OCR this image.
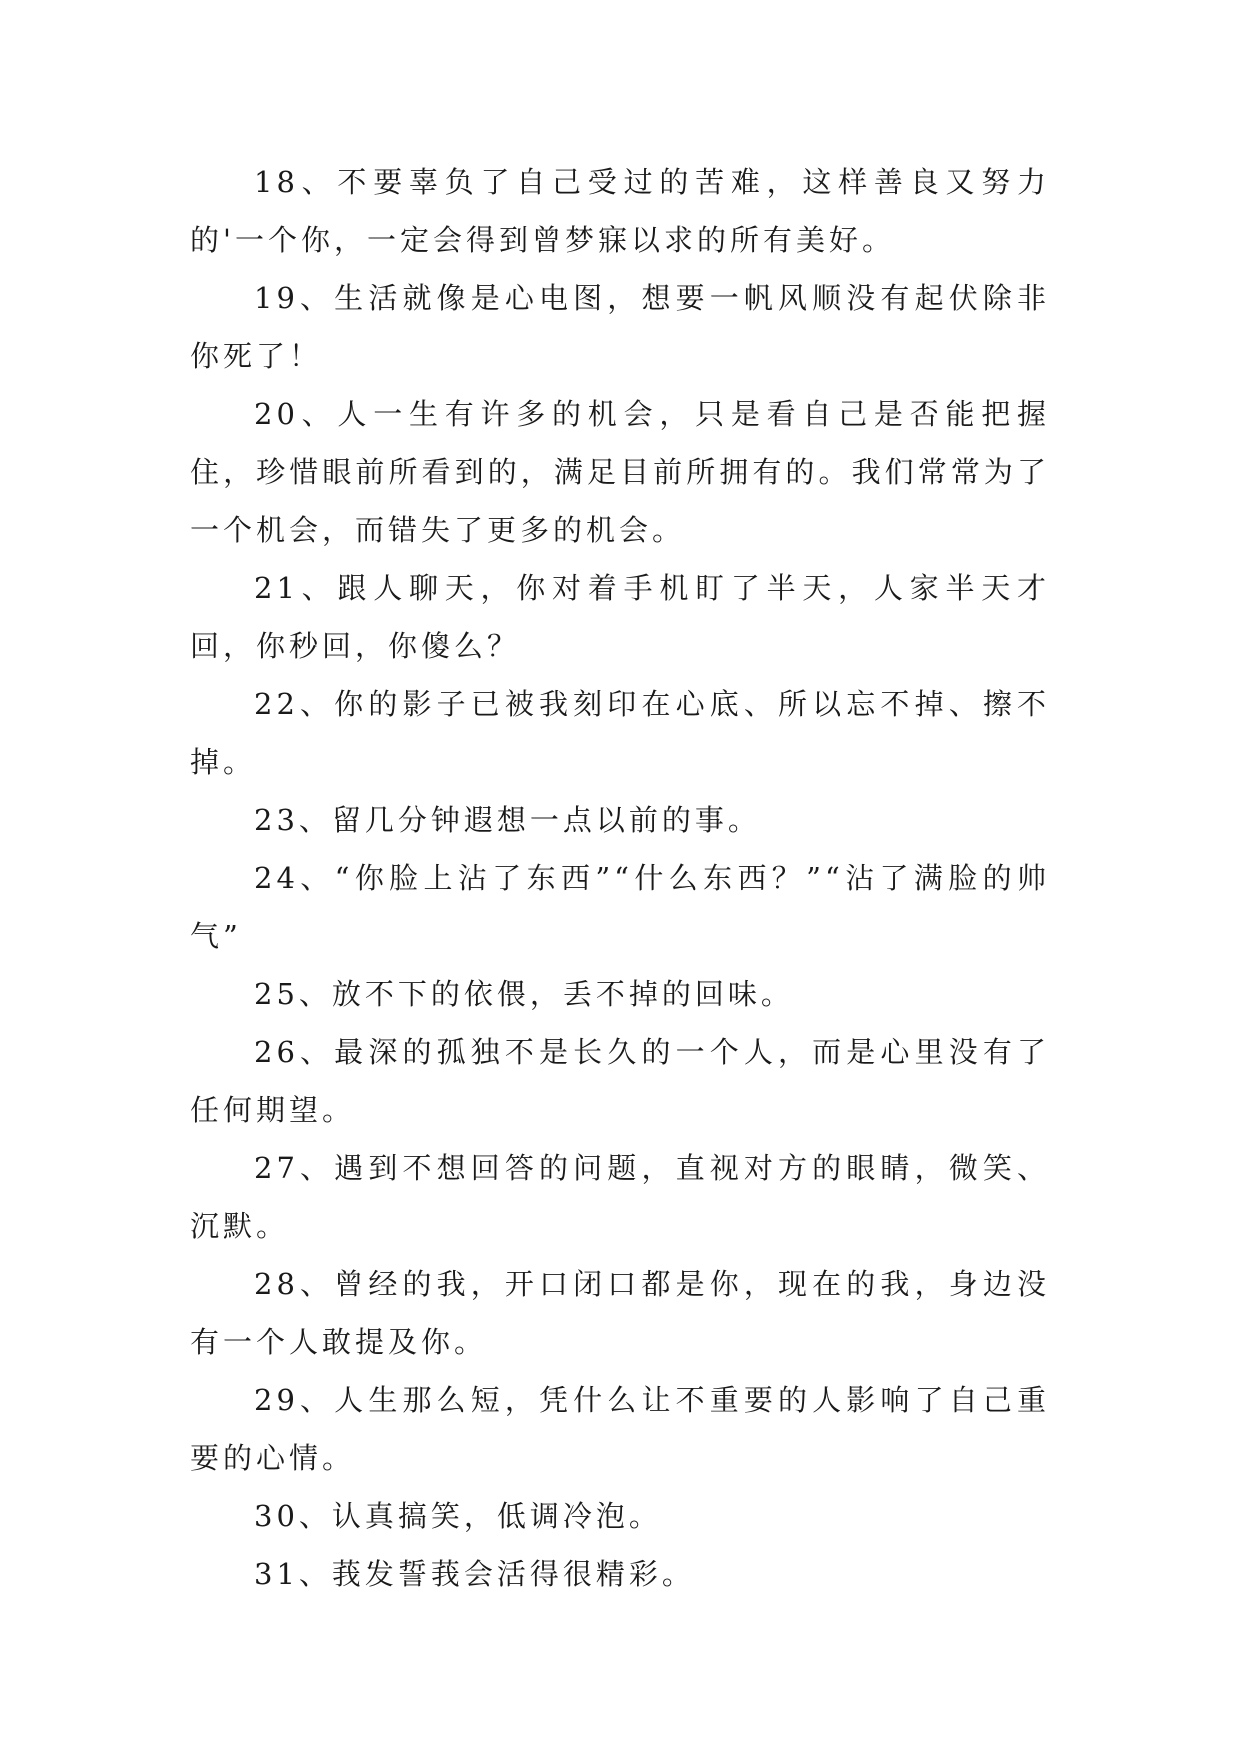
18、不要辜负了自己受过的苦难，这样善良又努力的'一个你，一定会得到曾梦寐以求的所有美好。

19、生活就像是心电图，想要一帆风顺没有起伏除非你死了！

20、人一生有许多的机会，只是看自己是否能把握住，珍惜眼前所看到的，满足目前所拥有的。我们常常为了一个机会，而错失了更多的机会。

21、跟人聊天，你对着手机盯了半天，人家半天才回，你秒回，你傻么？

22、你的影子已被我刻印在心底、所以忘不掉、擦不掉。

23、留几分钟遐想一点以前的事。

24、“你脸上沾了东西”“什么东西？”“沾了满脸的帅气”

25、放不下的依偎，丢不掉的回味。

26、最深的孤独不是长久的一个人，而是心里没有了任何期望。

27、遇到不想回答的问题，直视对方的眼睛，微笑、沉默。

28、曾经的我，开口闭口都是你，现在的我，身边没有一个人敢提及你。

29、人生那么短，凭什么让不重要的人影响了自己重要的心情。

30、认真搞笑，低调冷泡。

31、莪发誓莪会活得很精彩。
